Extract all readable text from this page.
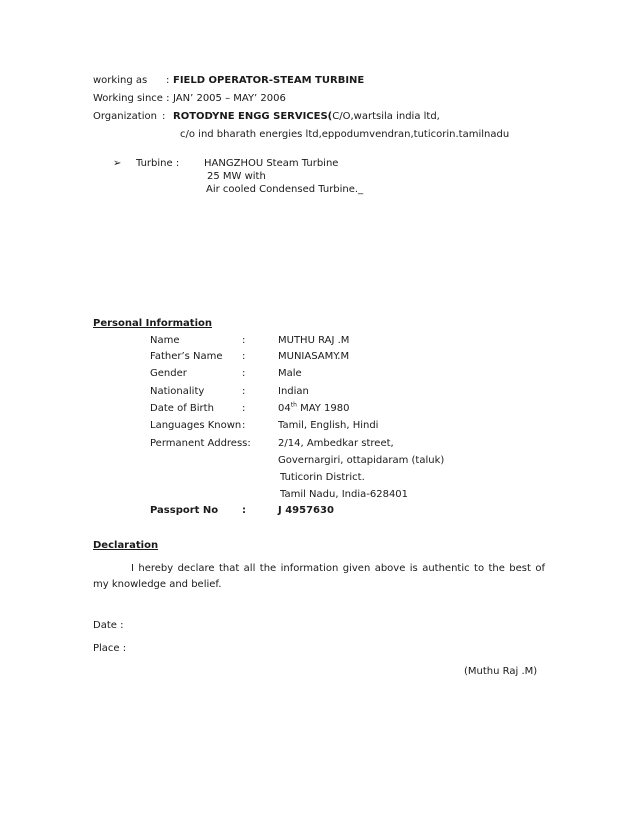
working as : FIELD OPERATOR-STEAM TURBINE
Working since : JAN’ 2005 – MAY’ 2006
Organization : ROTODYNE ENGG SERVICES(C/O,wartsila india ltd,
c/o ind bharath energies ltd,eppodumvendran,tuticorin.tamilnadu
➢ Turbine : HANGZHOU Steam Turbine
25 MW with
Air cooled Condensed Turbine._
Personal Information
Name	:	MUTHU RAJ .M
Father’s Name :	MUNIASAMY.M
Gender	:	Male
Nationality	:	Indian
Date of Birth	:	04th MAY 1980
Languages Known :	Tamil, English, Hindi
Permanent Address:	2/14, Ambedkar street,
Governargiri, ottapidaram (taluk)
Tuticorin District.
Tamil Nadu, India-628401
Passport No :	J 4957630
Declaration
I hereby declare that all the information given above is authentic to the best of my knowledge and belief.
Date :
Place :
(Muthu Raj .M)
